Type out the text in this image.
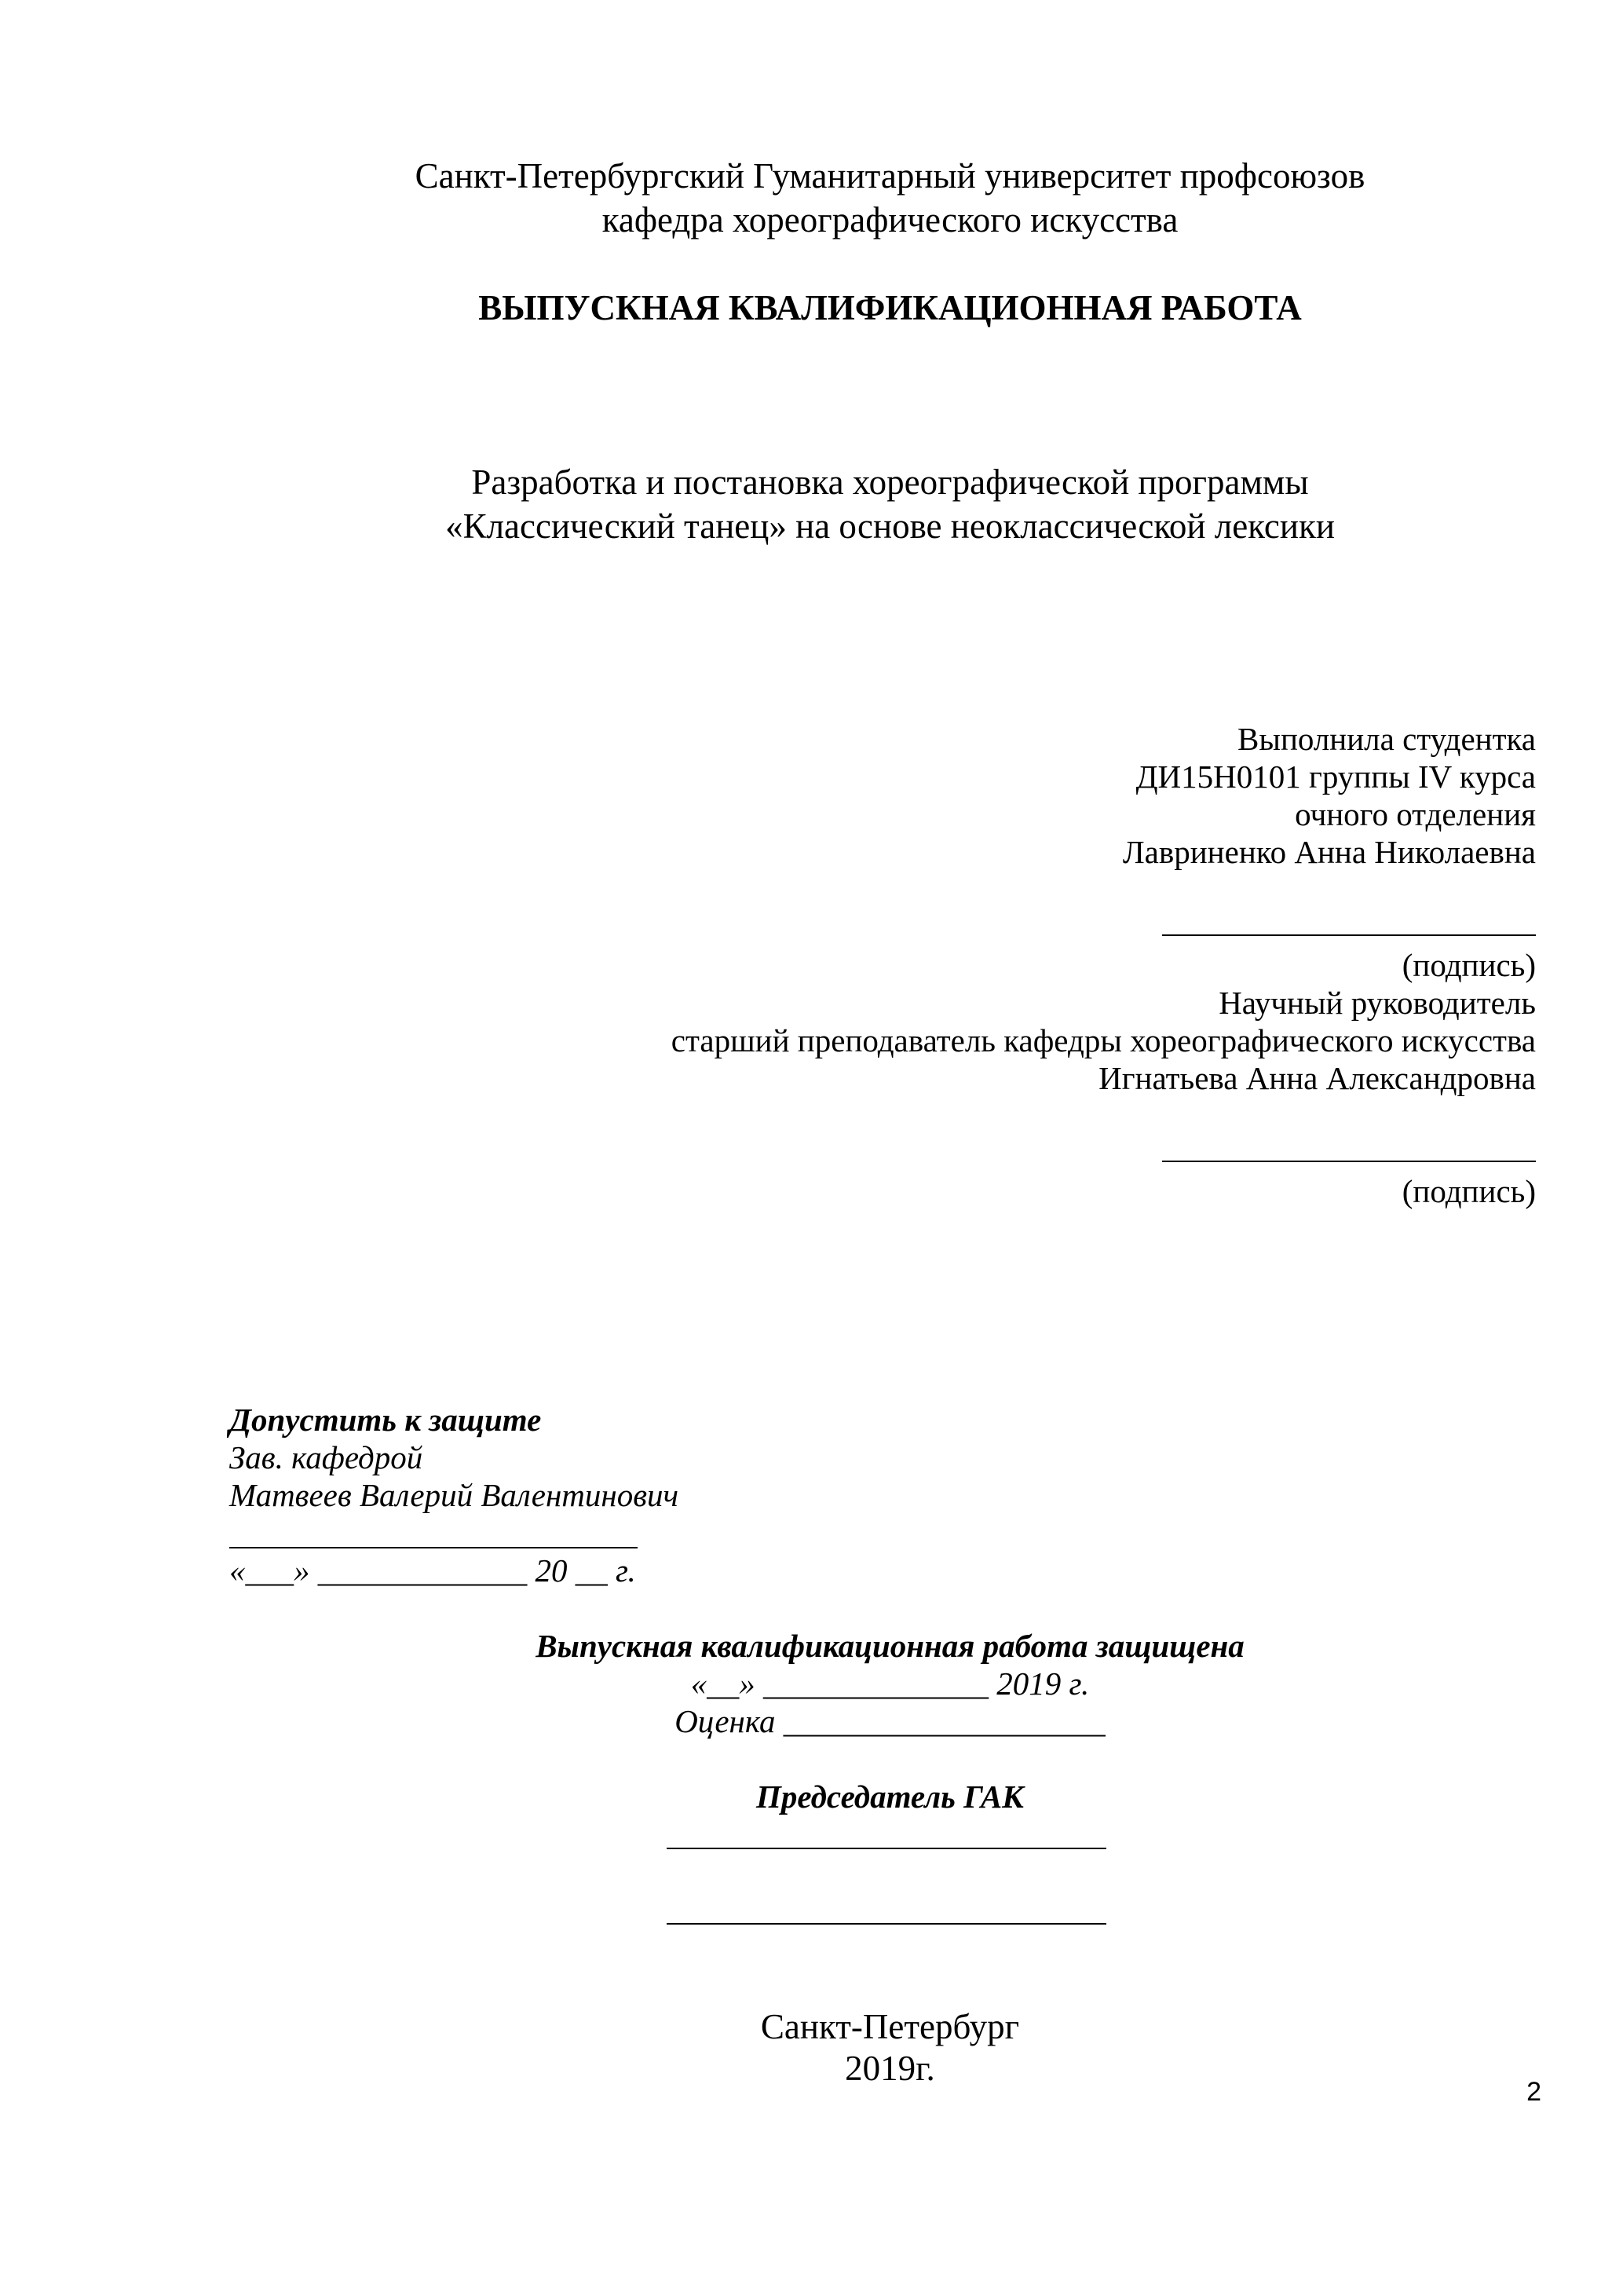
Санкт-Петербургский Гуманитарный университет профсоюзов
кафедра хореографического искусства
ВЫПУСКНАЯ КВАЛИФИКАЦИОННАЯ РАБОТА
Разработка и постановка хореографической программы
«Классический танец» на основе неоклассической лексики
Выполнила студентка
ДИ15Н0101 группы IV курса
очного отделения
Лавриненко Анна Николаевна
(подпись)
Научный руководитель
старший преподаватель кафедры хореографического искусства
Игнатьева Анна Александровна
(подпись)
Допустить к защите
Зав. кафедрой
Матвеев Валерий Валентинович
«___» _____________ 20 __ г.
Выпускная квалификационная работа защищена
«__» ______________ 2019 г.
Оценка ____________________
Председатель ГАК
Санкт-Петербург
2019г.
2
